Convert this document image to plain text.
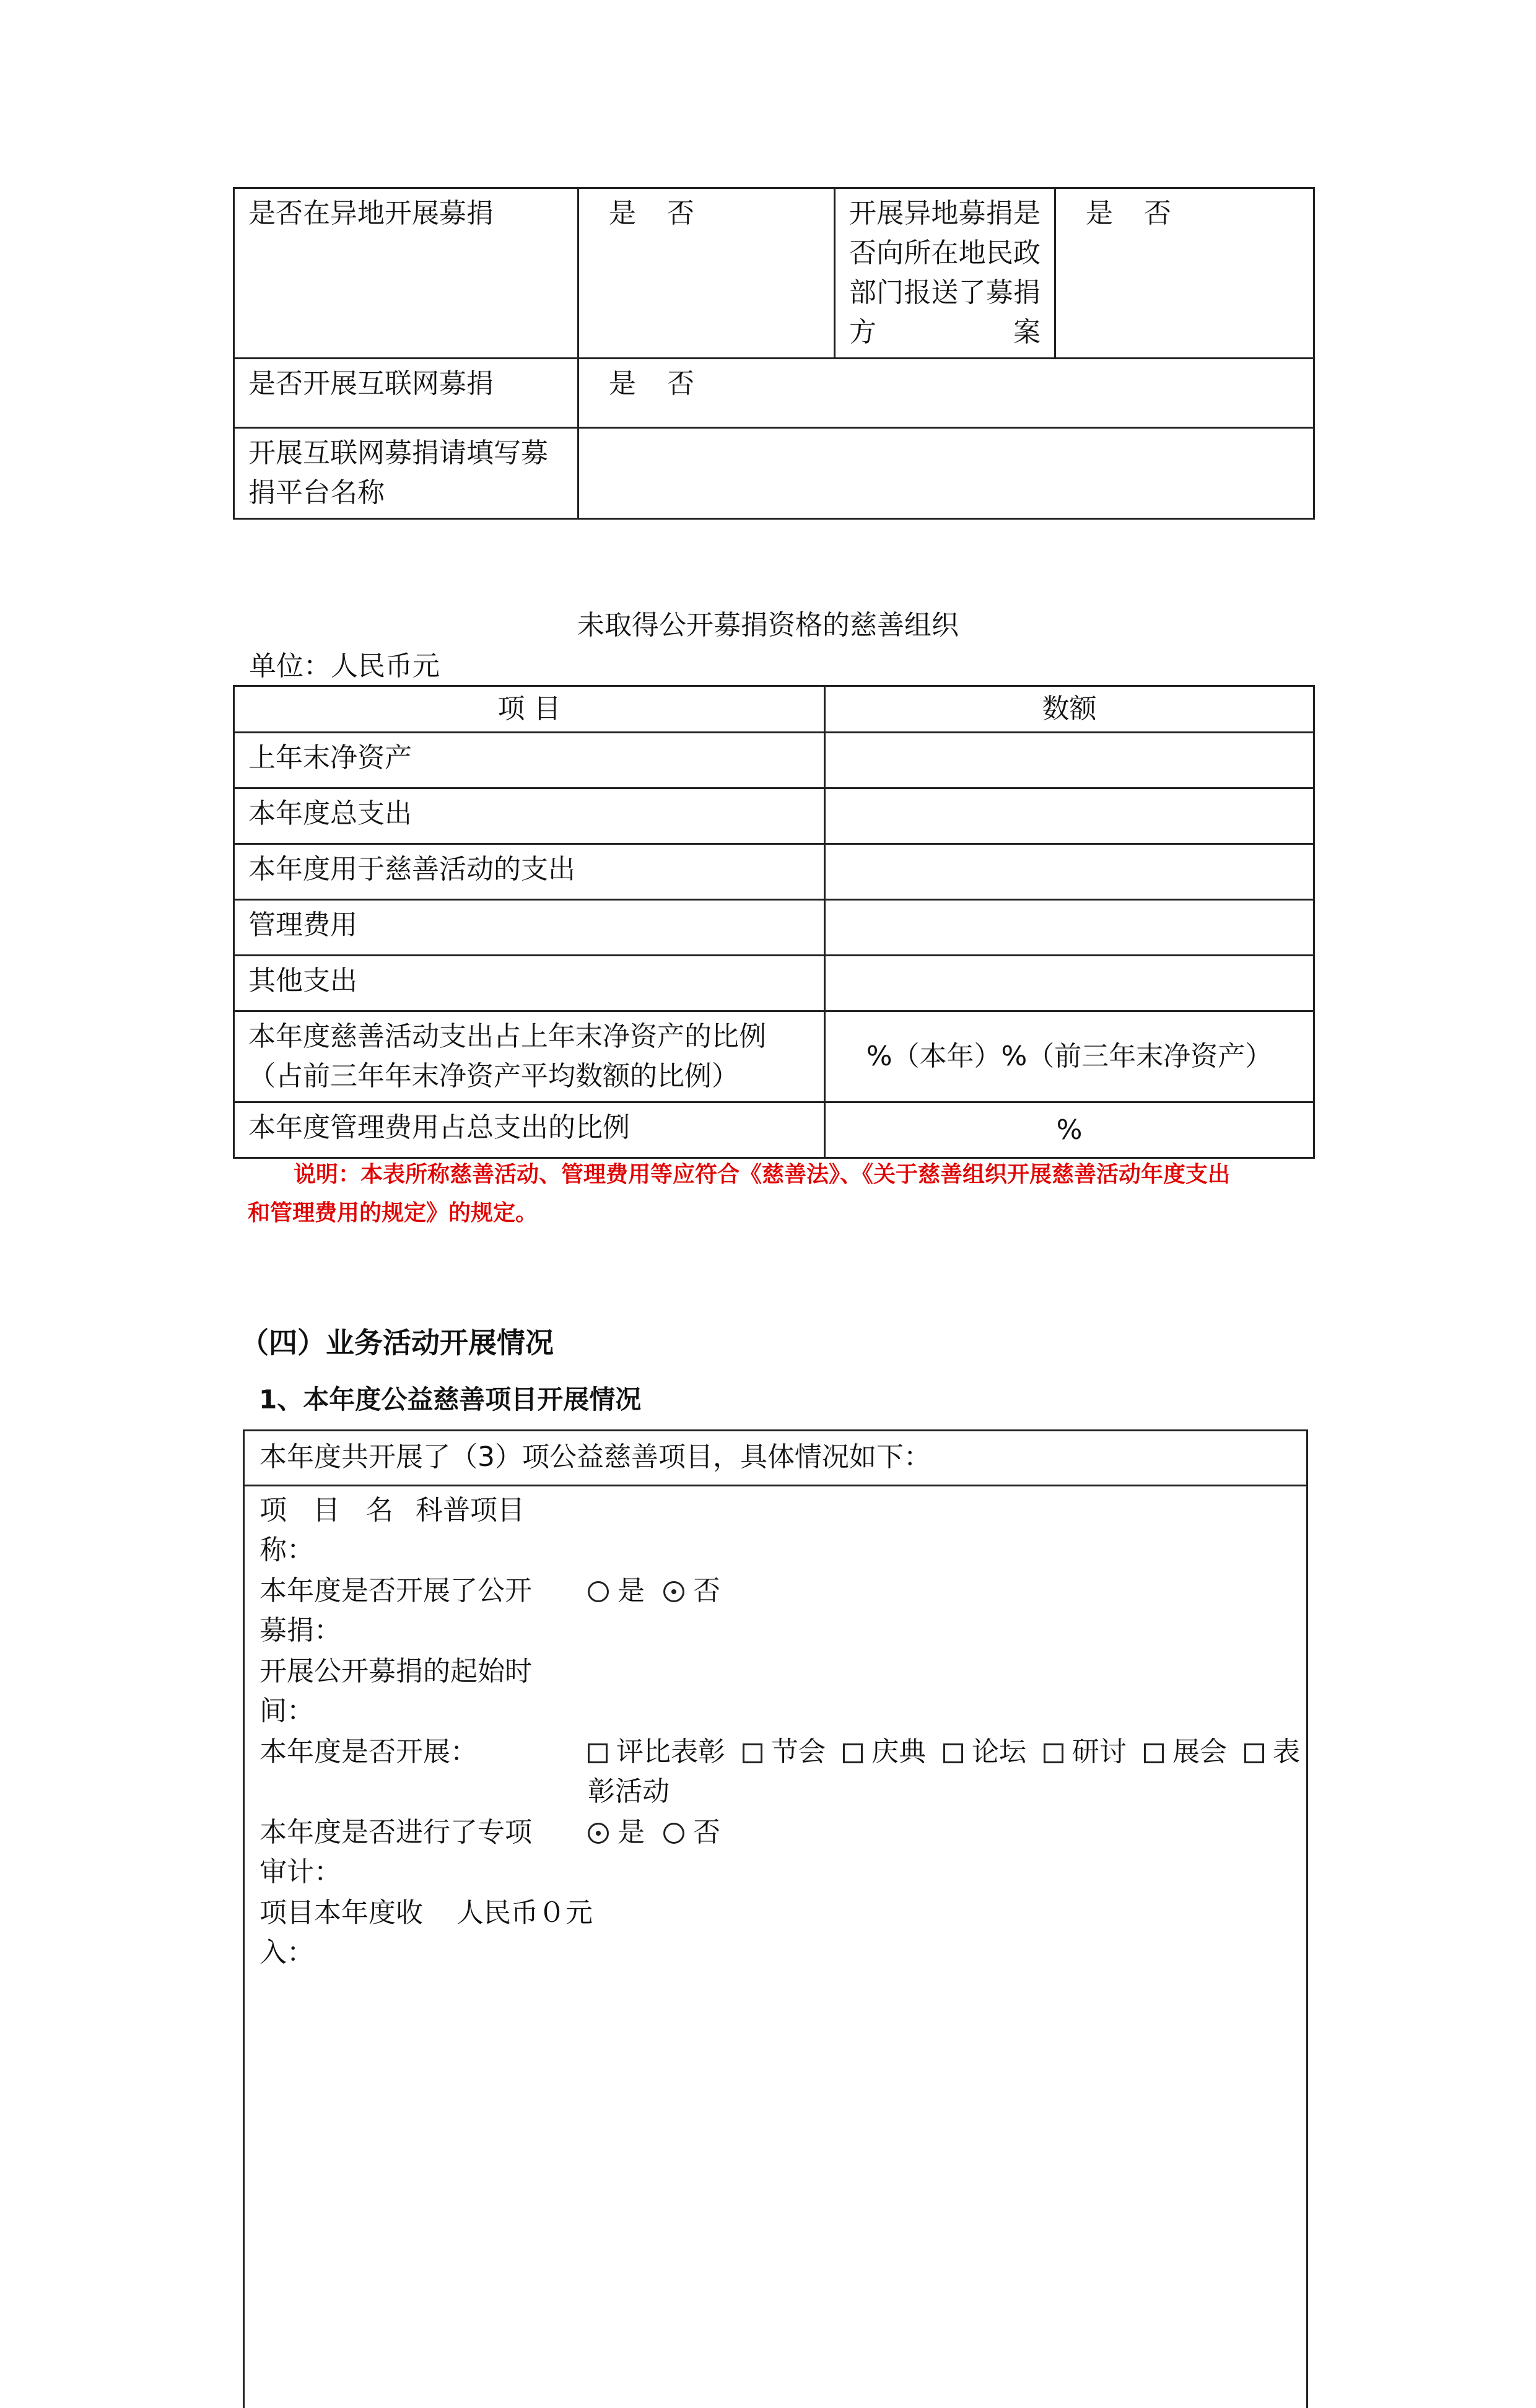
是否在异地开展募捐	是 否	开展异地募捐是否向所在地民政部门报送了募捐方案	是 否
是否开展互联网募捐	是 否		
开展互联网募捐请填写募捐平台名称			
未取得公开募捐资格的慈善组织
单位：人民币元
项 目	数额
上年末净资产	
本年度总支出	
本年度用于慈善活动的支出	
管理费用	
其他支出	

本年度慈善活动支出占上年末净资产的比例
（占前三年年末净资产平均数额的比例）	%（本年）%（前三年末净资产）
本年度管理费用占总支出的比例	%
说明：本表所称慈善活动、管理费用等应符合《慈善法》、《关于慈善组织开展慈善活动年度支出
和管理费用的规定》的规定。
（四）业务活动开展情况
1、本年度公益慈善项目开展情况
本年度共开展了（3）项公益慈善项目，具体情况如下：
项 目 名 科普项目
称：
本年度是否开展了公开	是 否
募捐：
开展公开募捐的起始时
间：
本年度是否开展：	评比表彰 节会 庆典 论坛 研讨 展会 表彰活动
本年度是否进行了专项	是 否
审计：
项目本年度收 人民币０元
入：
